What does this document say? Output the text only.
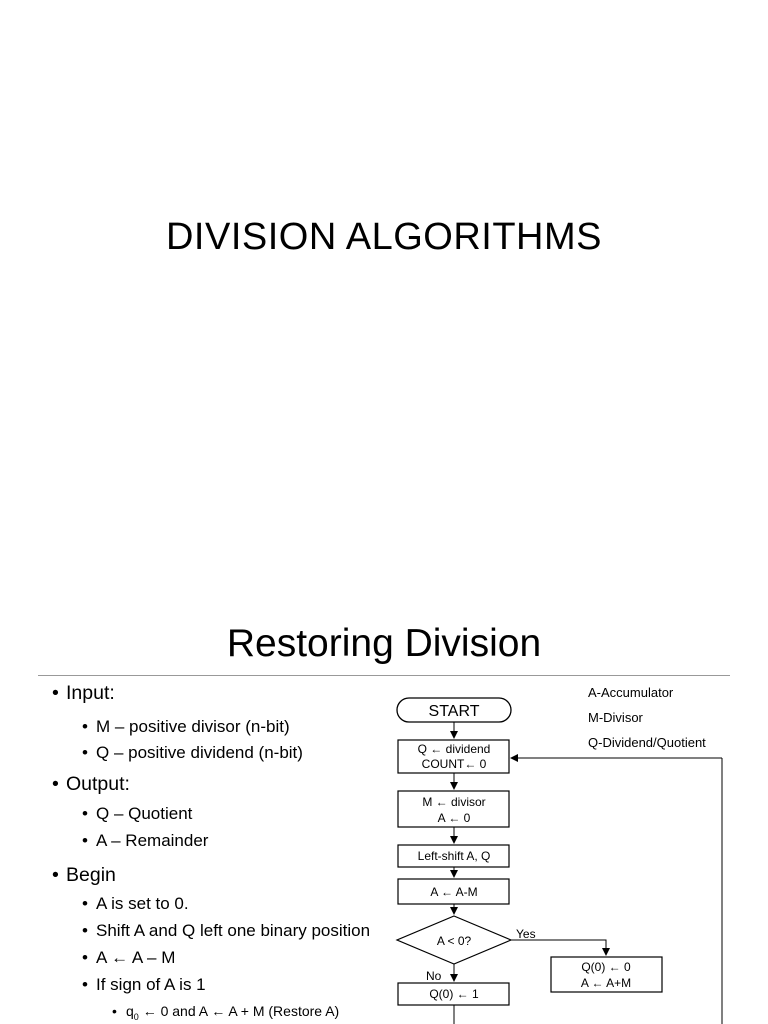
DIVISION ALGORITHMS
Restoring Division
• Input:
• M – positive divisor (n-bit)
• Q – positive dividend (n-bit)
• Output:
• Q – Quotient
• A – Remainder
• Begin
• A is set to 0.
• Shift A and Q left one binary position
• A ← A – M
• If sign of A is 1
• $q_0$ ← 0 and A ← A + M (Restore A)
A-Accumulator
M-Divisor
Q-Dividend/Quotient
START
Q ← dividend
COUNT← 0
M ← divisor
A ← 0
Left-shift A, Q
A ← A-M
A < 0?	Yes
Q(0) ← 0
A ← A+M
No
Q(0) ← 1
